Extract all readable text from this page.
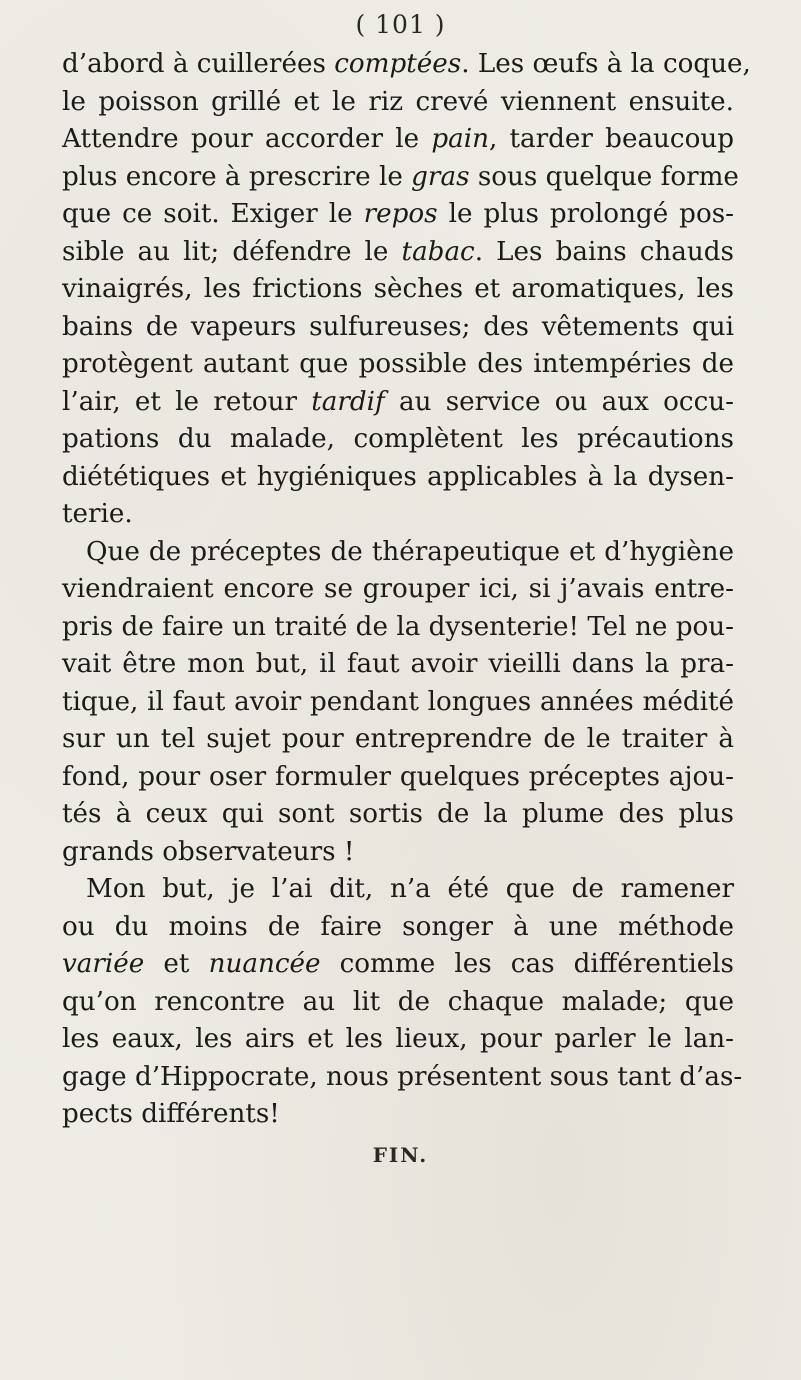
( 101 )
d’abord à cuillerées comptées. Les œufs à la coque,
le poisson grillé et le riz crevé viennent ensuite.
Attendre pour accorder le pain, tarder beaucoup
plus encore à prescrire le gras sous quelque forme
que ce soit. Exiger le repos le plus prolongé pos-
sible au lit; défendre le tabac. Les bains chauds
vinaigrés, les frictions sèches et aromatiques, les
bains de vapeurs sulfureuses; des vêtements qui
protègent autant que possible des intempéries de
l’air, et le retour tardif au service ou aux occu-
pations du malade, complètent les précautions
diététiques et hygiéniques applicables à la dysen-
terie.
Que de préceptes de thérapeutique et d’hygiène
viendraient encore se grouper ici, si j’avais entre-
pris de faire un traité de la dysenterie! Tel ne pou-
vait être mon but, il faut avoir vieilli dans la pra-
tique, il faut avoir pendant longues années médité
sur un tel sujet pour entreprendre de le traiter à
fond, pour oser formuler quelques préceptes ajou-
tés à ceux qui sont sortis de la plume des plus
grands observateurs !
Mon but, je l’ai dit, n’a été que de ramener
ou du moins de faire songer à une méthode
variée et nuancée comme les cas différentiels
qu’on rencontre au lit de chaque malade; que
les eaux, les airs et les lieux, pour parler le lan-
gage d’Hippocrate, nous présentent sous tant d’as-
pects différents!
FIN.
